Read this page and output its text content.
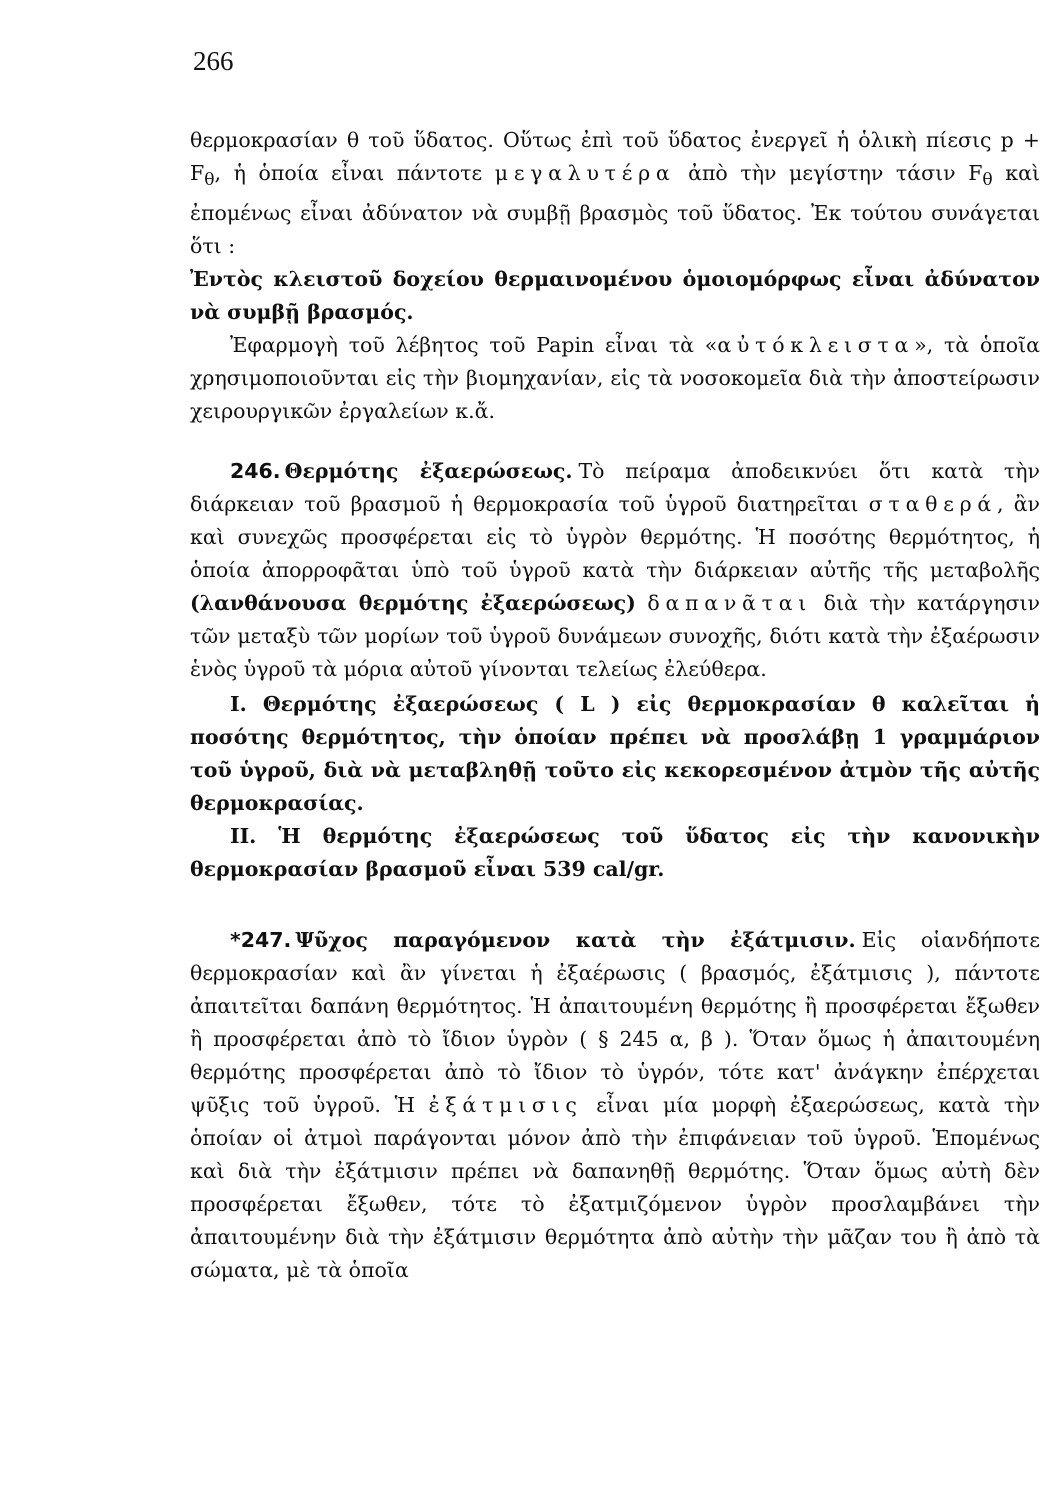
266

θερμοκρασίαν θ τοῦ ὕδατος. Οὕτως ἐπὶ τοῦ ὕδατος ἐνεργεῖ ἡ ὁλικὴ πίεσις $p + F_\theta$, ἡ ὁποία εἶναι πάντοτε μεγαλυτέρα ἀπὸ τὴν μεγίστην τάσιν $F_\theta$ καὶ ἐπομένως εἶναι ἀδύνατον νὰ συμβῇ βρασμὸς τοῦ ὕδατος. Ἐκ τούτου συνάγεται ὅτι :

Ἐντὸς κλειστοῦ δοχείου θερμαινομένου ὁμοιομόρφως εἶναι ἀδύνατον νὰ συμβῇ βρασμός.

Ἐφαρμογὴ τοῦ λέβητος τοῦ Papin εἶναι τὰ «αὐτόκλειστα», τὰ ὁποῖα χρησιμοποιοῦνται εἰς τὴν βιομηχανίαν, εἰς τὰ νοσοκομεῖα διὰ τὴν ἀποστείρωσιν χειρουργικῶν ἐργαλείων κ.ἄ.

246. Θερμότης ἐξαερώσεως. Τὸ πείραμα ἀποδεικνύει ὅτι κατὰ τὴν διάρκειαν τοῦ βρασμοῦ ἡ θερμοκρασία τοῦ ὑγροῦ διατηρεῖται σταθερά, ἂν καὶ συνεχῶς προσφέρεται εἰς τὸ ὑγρὸν θερμότης. Ἡ ποσότης θερμότητος, ἡ ὁποία ἀπορροφᾶται ὑπὸ τοῦ ὑγροῦ κατὰ τὴν διάρκειαν αὐτῆς τῆς μεταβολῆς (λανθάνουσα θερμότης ἐξαερώσεως) δαπανᾶται διὰ τὴν κατάργησιν τῶν μεταξὺ τῶν μορίων τοῦ ὑγροῦ δυνάμεων συνοχῆς, διότι κατὰ τὴν ἐξαέρωσιν ἑνὸς ὑγροῦ τὰ μόρια αὐτοῦ γίνονται τελείως ἐλεύθερα.

I. Θερμότης ἐξαερώσεως ( L ) εἰς θερμοκρασίαν θ καλεῖται ἡ ποσότης θερμότητος, τὴν ὁποίαν πρέπει νὰ προσλάβῃ 1 γραμμάριον τοῦ ὑγροῦ, διὰ νὰ μεταβληθῇ τοῦτο εἰς κεκορεσμένον ἀτμὸν τῆς αὐτῆς θερμοκρασίας.

II. Ἡ θερμότης ἐξαερώσεως τοῦ ὕδατος εἰς τὴν κανονικὴν θερμοκρασίαν βρασμοῦ εἶναι 539 cal/gr.

*247. Ψῦχος παραγόμενον κατὰ τὴν ἐξάτμισιν. Εἰς οἱανδήποτε θερμοκρασίαν καὶ ἂν γίνεται ἡ ἐξαέρωσις ( βρασμός, ἐξάτμισις ), πάντοτε ἀπαιτεῖται δαπάνη θερμότητος. Ἡ ἀπαιτουμένη θερμότης ἢ προσφέρεται ἔξωθεν ἢ προσφέρεται ἀπὸ τὸ ἴδιον ὑγρὸν ( § 245 α, β ). Ὅταν ὅμως ἡ ἀπαιτουμένη θερμότης προσφέρεται ἀπὸ τὸ ἴδιον τὸ ὑγρόν, τότε κατ' ἀνάγκην ἐπέρχεται ψῦξις τοῦ ὑγροῦ. Ἡ ἐξάτμισις εἶναι μία μορφὴ ἐξαερώσεως, κατὰ τὴν ὁποίαν οἱ ἀτμοὶ παράγονται μόνον ἀπὸ τὴν ἐπιφάνειαν τοῦ ὑγροῦ. Ἑπομένως καὶ διὰ τὴν ἐξάτμισιν πρέπει νὰ δαπανηθῇ θερμότης. Ὅταν ὅμως αὐτὴ δὲν προσφέρεται ἔξωθεν, τότε τὸ ἐξατμιζόμενον ὑγρὸν προσλαμβάνει τὴν ἀπαιτουμένην διὰ τὴν ἐξάτμισιν θερμότητα ἀπὸ αὐτὴν τὴν μᾶζαν του ἢ ἀπὸ τὰ σώματα, μὲ τὰ ὁποῖα
